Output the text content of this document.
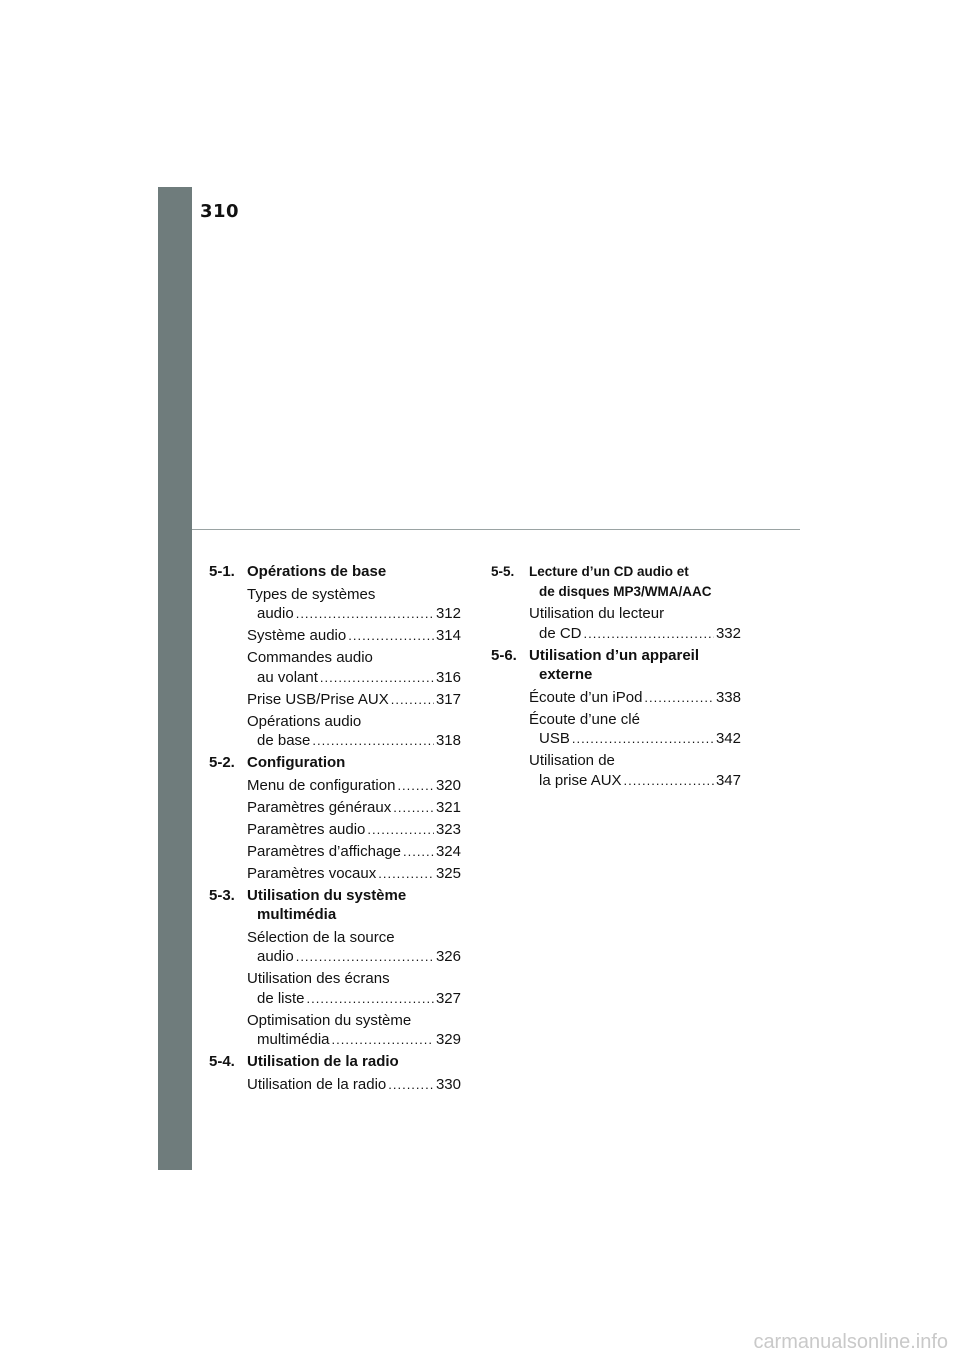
310
5-1. Opérations de base
Types de systèmes
audio .....	312
Système audio .....	314
Commandes audio
au volant .....	316
Prise USB/Prise AUX .....	317
Opérations audio
de base .....	318
5-2. Configuration
Menu de configuration .....	320
Paramètres généraux .....	321
Paramètres audio .....	323
Paramètres d’affichage ..... 324
Paramètres vocaux .....	325
5-3. Utilisation du système

multimédia
Sélection de la source
audio .....	326
Utilisation des écrans
de liste .....	327
Optimisation du système
multimédia .....	329
5-4. Utilisation de la radio
Utilisation de la radio .....	330
5-5. Lecture d’un CD audio et

de disques MP3/WMA/AAC
Utilisation du lecteur
de CD .....	332
5-6. Utilisation d’un appareil

externe
Écoute d’un iPod .....	338
Écoute d’une clé
USB .....	342
Utilisation de
la prise AUX .....	347
carmanualsonline.info
